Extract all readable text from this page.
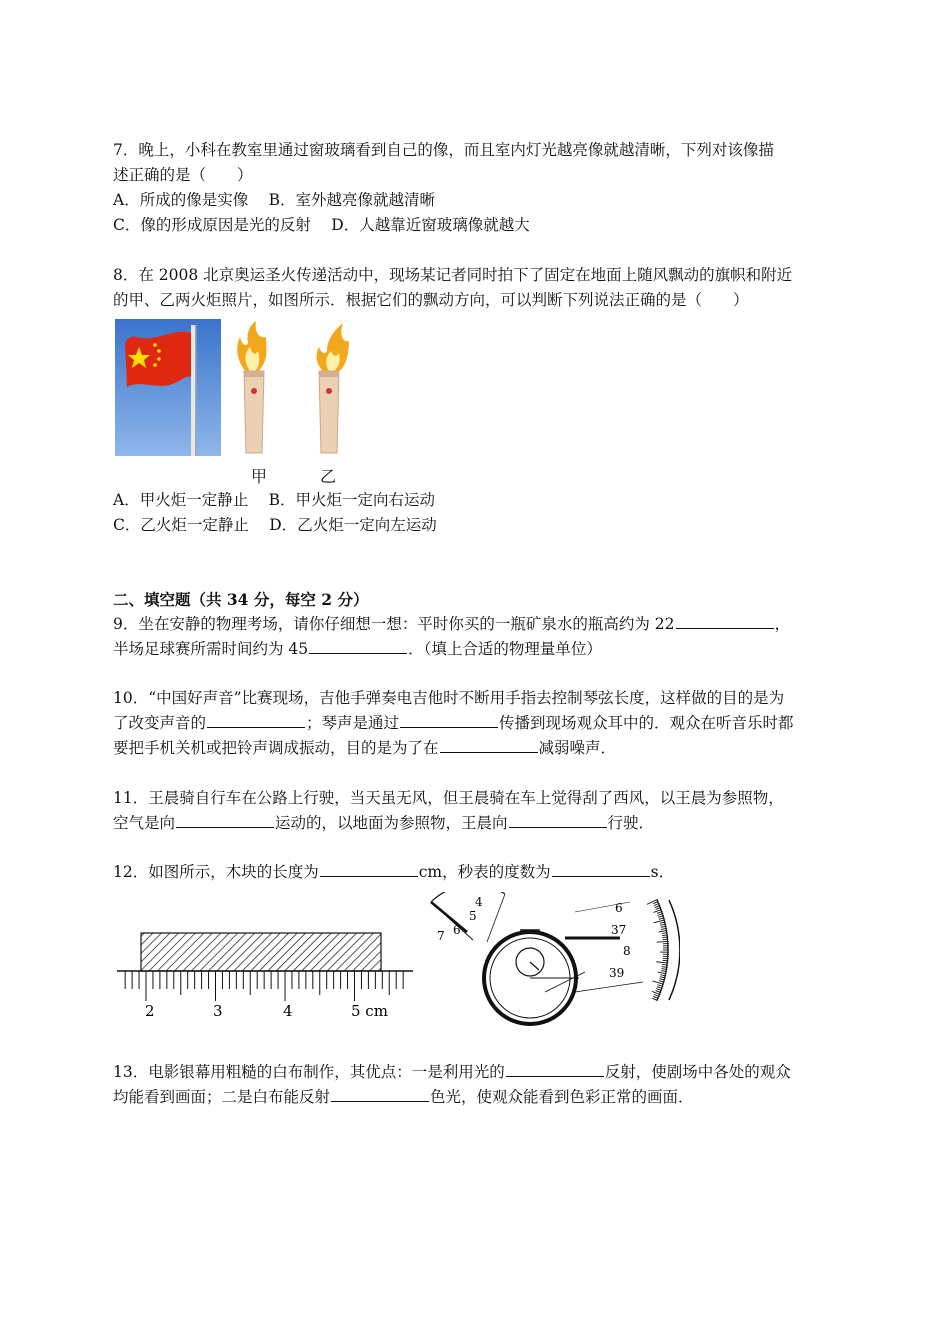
7．晚上，小科在教室里通过窗玻璃看到自己的像，而且室内灯光越亮像就越清晰，下列对该像描
述正确的是（　　）
A．所成的像是实像　 B．室外越亮像就越清晰
C．像的形成原因是光的反射　 D．人越靠近窗玻璃像就越大
8．在 2008 北京奥运圣火传递活动中，现场某记者同时拍下了固定在地面上随风飘动的旗帜和附近
的甲、乙两火炬照片，如图所示．根据它们的飘动方向，可以判断下列说法正确的是（　　）
甲	乙
A．甲火炬一定静止　 B．甲火炬一定向右运动
C．乙火炬一定静止　 D．乙火炬一定向左运动
二、填空题（共 34 分，每空 2 分）
9．坐在安静的物理考场，请你仔细想一想：平时你买的一瓶矿泉水的瓶高约为 22	，
半场足球赛所需时间约为 45	．（填上合适的物理量单位）
10．“中国好声音”比赛现场，吉他手弹奏电吉他时不断用手指去控制琴弦长度，这样做的目的是为
了改变声音的	；琴声是通过	传播到现场观众耳中的．观众在听音乐时都
要把手机关机或把铃声调成振动，目的是为了在	减弱噪声．
11．王晨骑自行车在公路上行驶，当天虽无风，但王晨骑在车上觉得刮了西风，以王晨为参照物，
空气是向	运动的，以地面为参照物，王晨向	行驶．
12．如图所示，木块的长度为	cm，秒表的度数为	s．
2	3	4	5 cm
4
5
6
7
6
37
8
39
13．电影银幕用粗糙的白布制作，其优点：一是利用光的	反射，使剧场中各处的观众
均能看到画面；二是白布能反射	色光，使观众能看到色彩正常的画面．
